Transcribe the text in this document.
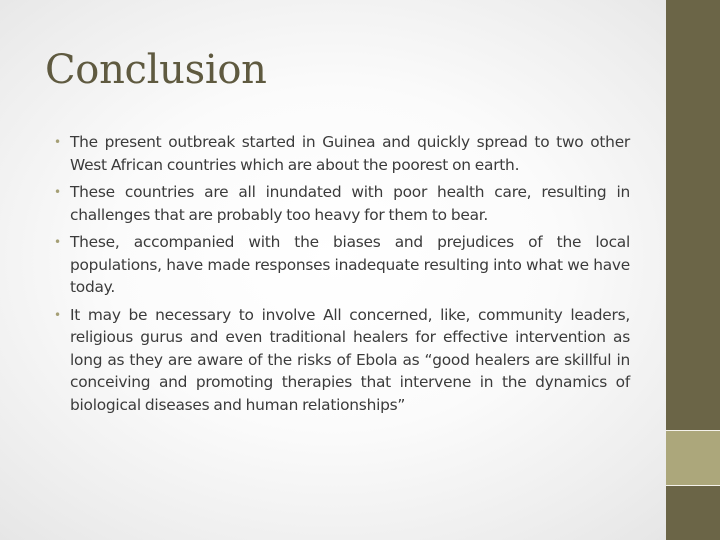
Conclusion
• The present outbreak started in Guinea and quickly spread to two other West African countries which are about the poorest on earth.
• These countries are all inundated with poor health care, resulting in challenges that are probably too heavy for them to bear.
• These, accompanied with the biases and prejudices of the local populations, have made responses inadequate resulting into what we have today.
• It may be necessary to involve All concerned, like, community leaders, religious gurus and even traditional healers for effective intervention as long as they are aware of the risks of Ebola as “good healers are skillful in conceiving and promoting therapies that intervene in the dynamics of biological diseases and human relationships”
